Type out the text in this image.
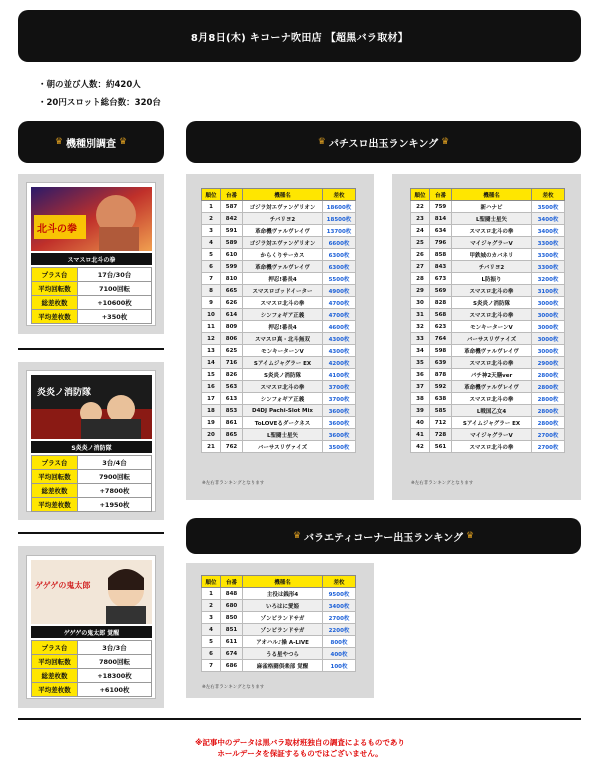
8月8日(木) キコーナ吹田店 【超黒バラ取材】
・ 朝の並び人数：約420人
・ 20円スロット総台数：320台
♛ 機種別調査 ♛	♛ パチスロ出玉ランキング ♛
北斗の拳
スマスロ北斗の拳
プラス台	17台/30台
平均回転数	7100回転
総差枚数	+10600枚
平均差枚数	+350枚
炎炎ノ消防隊
S炎炎ノ消防隊
プラス台	3台/4台
平均回転数	7900回転
総差枚数	+7800枚
平均差枚数	+1950枚
ゲゲゲの鬼太郎
ゲゲゲの鬼太郎 覚醒
プラス台	3台/3台
平均回転数	7800回転
総差枚数	+18300枚
平均差枚数	+6100枚
順位	台番	機種名	差枚
1	587	ゴジラ対エヴァンゲリオン	18600枚
2	842	チバリヨ2	18500枚
3	591	革命機ヴァルヴレイヴ	13700枚
4	589	ゴジラ対エヴァンゲリオン	6600枚
5	610	からくりサーカス	6300枚
6	599	革命機ヴァルヴレイヴ	6300枚
7	810	押忍!番長4	5500枚
8	665	スマスロゴッドイーター	4900枚
9	626	スマスロ北斗の拳	4700枚
10	614	シンフォギア正義	4700枚
11	809	押忍!番長4	4600枚
12	806	スマスロ真・北斗無双	4300枚
13	625	モンキーターンV	4300枚
14	716	Sアイムジャグラー EX	4200枚
15	826	S炎炎ノ消防隊	4100枚
16	563	スマスロ北斗の拳	3700枚
17	613	シンフォギア正義	3700枚
18	853	D4DJ Pachi-Slot Mix	3600枚
19	861	ToLOVEるダークネス	3600枚
20	865	L聖闘士星矢	3600枚
21	762	バーサスリヴァイズ	3500枚
※左右非ランキングとなります
順位	台番	機種名	差枚
22	759	新ハナビ	3500枚
23	814	L聖闘士星矢	3400枚
24	634	スマスロ北斗の拳	3400枚
25	796	マイジャグラーV	3300枚
26	858	甲鉄城のカバネリ	3300枚
27	843	チバリヨ2	3300枚
28	673	L防振り	3200枚
29	569	スマスロ北斗の拳	3100枚
30	828	S炎炎ノ消防隊	3000枚
31	568	スマスロ北斗の拳	3000枚
32	623	モンキーターンV	3000枚
33	764	バーサスリヴァイズ	3000枚
34	598	革命機ヴァルヴレイヴ	3000枚
35	639	スマスロ北斗の拳	2900枚
36	878	パチ神2天膳ver	2800枚
37	592	革命機ヴァルヴレイヴ	2800枚
38	638	スマスロ北斗の拳	2800枚
39	585	L戦国乙女4	2800枚
40	712	Sアイムジャグラー EX	2800枚
41	728	マイジャグラーV	2700枚
42	561	スマスロ北斗の拳	2700枚
※左右非ランキングとなります
♛ バラエティコーナー出玉ランキング ♛
順位	台番	機種名	差枚
1	848	主役は銭形4	9500枚
2	680	いろはに愛姫	3400枚
3	850	ゾンビランドサガ	2700枚
4	851	ゾンビランドサガ	2200枚
5	611	アオハル♪操 A-LIVE	800枚
6	674	うる星やつら	400枚
7	686	麻雀格闘倶楽部 覚醒	100枚
※左右非ランキングとなります
※記事中のデータは黒バラ取材班独自の調査によるものであり
ホールデータを保証するものではございません。
